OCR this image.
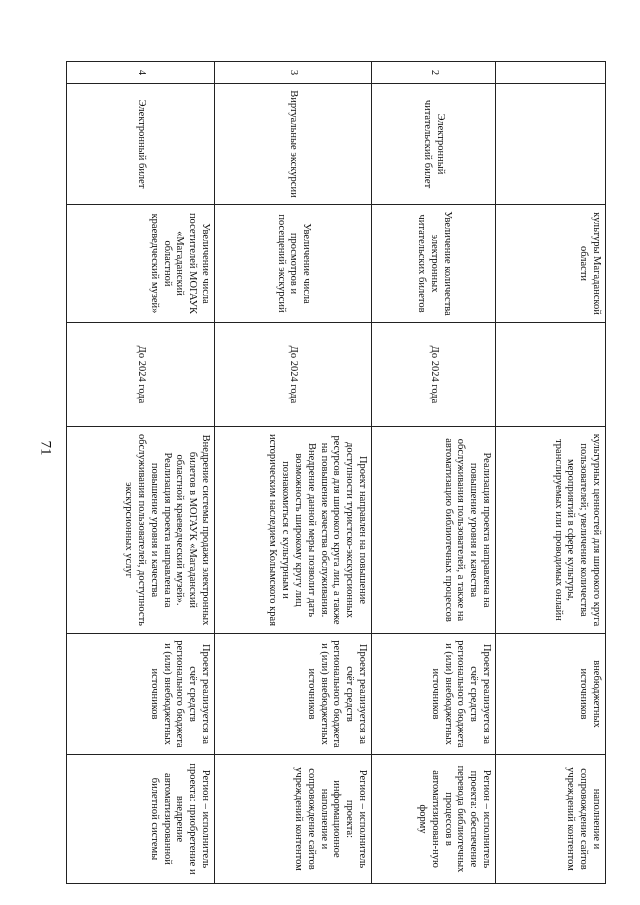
71
		культуры Магаданской области		культурных ценностей для широкого круга пользователей; увеличение количества мероприятий в сфере культуры, транслируемых или проводимых онлайн	внебюджетных источников	наполнение и сопровождение сайтов учреждений контентом
2	Электронный читательский билет	Увеличение количества электронных читательских билетов	До 2024 года	Реализация проекта направлена на повышение уровня и качества обслуживания пользователей, а также на автоматизацию библиотечных процессов	Проект реализуется за счёт средств регионального бюджета и (или) внебюджетных источников	Регион – исполнитель проекта: обеспечение перевода библиотечных процессов в автоматизирован-ную форму
3	Виртуальные экскурсии	Увеличение числа просмотров и посещений экскурсий	До 2024 года	Проект направлен на повышение доступности туристско-экскурсионных ресурсов для широкого круга лиц, а также на повышение качества обслуживания. Внедрение данной меры позволит дать возможность широкому кругу лиц познакомиться с культурным и историческим наследием Колымского края	Проект реализуется за счёт средств регионального бюджета и (или) внебюджетных источников	Регион – исполнитель проекта: информационное наполнение и сопровождение сайтов учреждений контентом
4	Электронный билет	Увеличение числа посетителей МОГАУК «Магаданский областной краеведческий музей»	До 2024 года	Внедрение системы продажи электронных билетов в МОГАУК «Магаданский областной краеведческий музей». Реализация проекта направлена на повышение уровня и качества обслуживания пользователей, доступность экскурсионных услуг	Проект реализуется за счёт средств регионального бюджета и (или) внебюджетных источников	Регион – исполнитель проекта: приобретение и внедрение автоматизированной билетной системы
